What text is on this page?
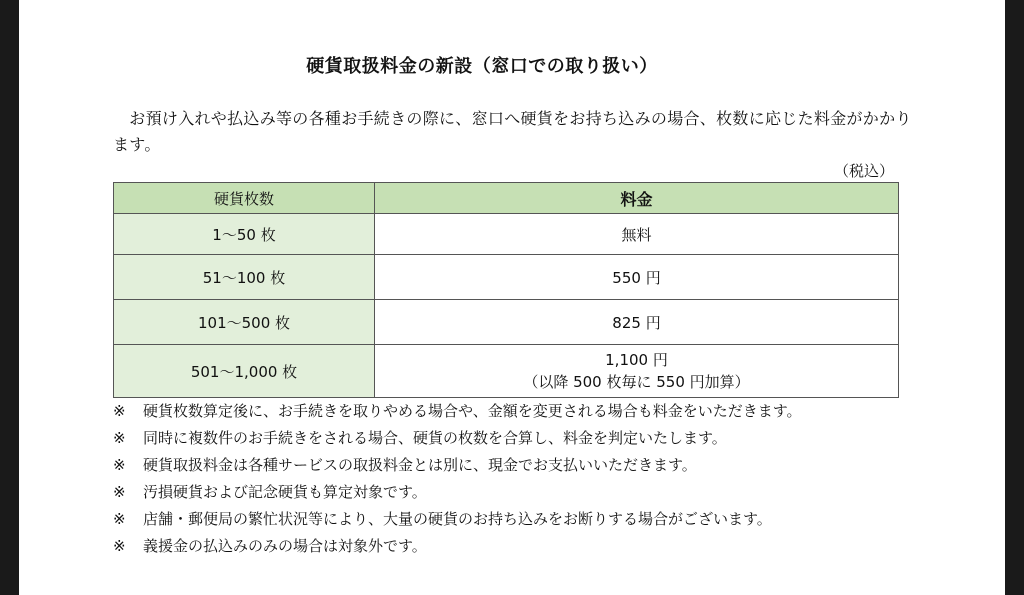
硬貨取扱料金の新設（窓口での取り扱い）
　お預け入れや払込み等の各種お手続きの際に、窓口へ硬貨をお持ち込みの場合、枚数に応じた料金がかかります。
（税込）
硬貨枚数	料金
1〜50 枚	無料
51〜100 枚	550 円
101〜500 枚	825 円
501〜1,000 枚	1,100 円
（以降 500 枚毎に 550 円加算）
※ 硬貨枚数算定後に、お手続きを取りやめる場合や、金額を変更される場合も料金をいただきます。
※ 同時に複数件のお手続きをされる場合、硬貨の枚数を合算し、料金を判定いたします。
※ 硬貨取扱料金は各種サービスの取扱料金とは別に、現金でお支払いいただきます。
※ 汚損硬貨および記念硬貨も算定対象です。
※ 店舗・郵便局の繁忙状況等により、大量の硬貨のお持ち込みをお断りする場合がございます。
※ 義援金の払込みのみの場合は対象外です。
